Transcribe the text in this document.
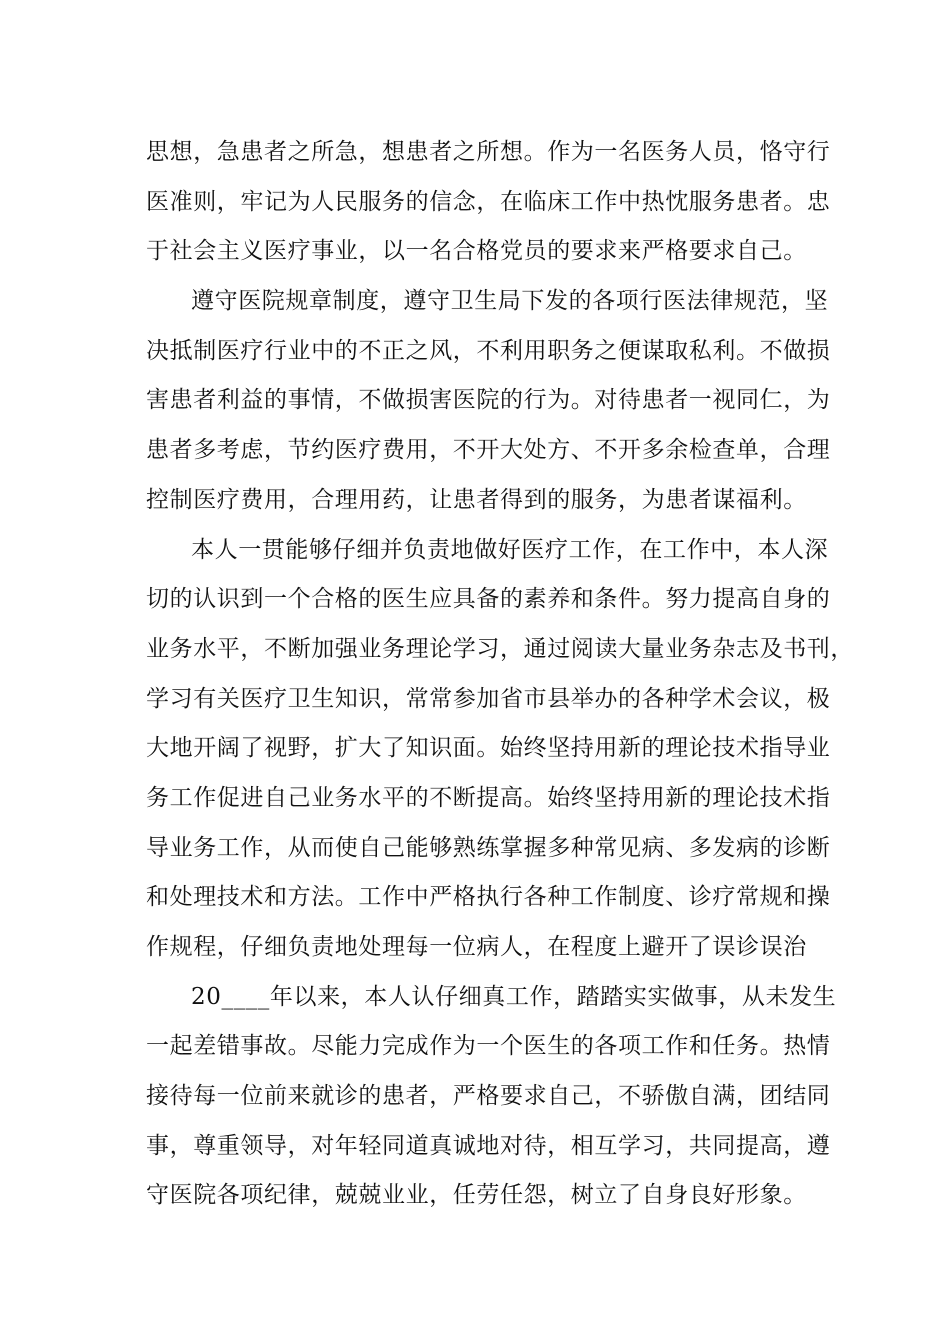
思想，急患者之所急，想患者之所想。作为一名医务人员，恪守行
医准则，牢记为人民服务的信念，在临床工作中热忱服务患者。忠
于社会主义医疗事业，以一名合格党员的要求来严格要求自己。
遵守医院规章制度，遵守卫生局下发的各项行医法律规范，坚
决抵制医疗行业中的不正之风，不利用职务之便谋取私利。不做损
害患者利益的事情，不做损害医院的行为。对待患者一视同仁，为
患者多考虑，节约医疗费用，不开大处方、不开多余检查单，合理
控制医疗费用，合理用药，让患者得到的服务，为患者谋福利。
本人一贯能够仔细并负责地做好医疗工作，在工作中，本人深
切的认识到一个合格的医生应具备的素养和条件。努力提高自身的
业务水平，不断加强业务理论学习，通过阅读大量业务杂志及书刊，
学习有关医疗卫生知识，常常参加省市县举办的各种学术会议，极
大地开阔了视野，扩大了知识面。始终坚持用新的理论技术指导业
务工作促进自己业务水平的不断提高。始终坚持用新的理论技术指
导业务工作，从而使自己能够熟练掌握多种常见病、多发病的诊断
和处理技术和方法。工作中严格执行各种工作制度、诊疗常规和操
作规程，仔细负责地处理每一位病人，在程度上避开了误诊误治
20____年以来，本人认仔细真工作，踏踏实实做事，从未发生
一起差错事故。尽能力完成作为一个医生的各项工作和任务。热情
接待每一位前来就诊的患者，严格要求自己，不骄傲自满，团结同
事，尊重领导，对年轻同道真诚地对待，相互学习，共同提高，遵
守医院各项纪律，兢兢业业，任劳任怨，树立了自身良好形象。
